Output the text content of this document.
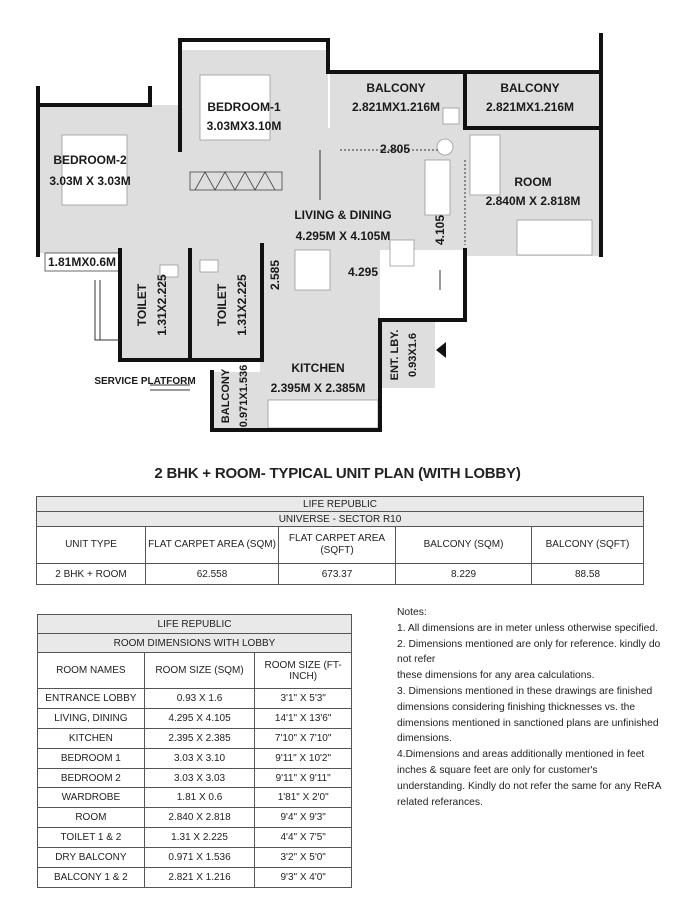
BEDROOM-1
3.03MX3.10M
BEDROOM-2
3.03M X 3.03M
BALCONY
2.821MX1.216M
BALCONY
2.821MX1.216M
ROOM
2.840M X 2.818M
LIVING & DINING
4.295M X 4.105M
2.805
4.295
1.81MX0.6M
KITCHEN
2.395M X 2.385M
SERVICE PLATFORM
4.105
2.585
TOILET 1.31X2.225	TOILET 1.31X2.225
BALCONY 0.971X1.536
ENT. LBY. 0.93X1.6
2 BHK + ROOM- TYPICAL UNIT PLAN (WITH LOBBY)
LIFE REPUBLIC				
UNIVERSE - SECTOR R10				
UNIT TYPE	FLAT CARPET AREA (SQM)	FLAT CARPET AREA (SQFT)	BALCONY (SQM)	BALCONY (SQFT)
2 BHK + ROOM	62.558	673.37	8.229	88.58
LIFE REPUBLIC		
ROOM DIMENSIONS WITH LOBBY		
ROOM NAMES	ROOM SIZE (SQM)	ROOM SIZE (FT-INCH)
ENTRANCE LOBBY	0.93 X 1.6	3'1" X 5'3"
LIVING, DINING	4.295 X 4.105	14'1" X 13'6"
KITCHEN	2.395 X 2.385	7'10" X 7'10"
BEDROOM 1	3.03 X 3.10	9'11" X 10'2"
BEDROOM 2	3.03 X 3.03	9'11" X 9'11"
WARDROBE	1.81 X 0.6	1'81" X 2'0"
ROOM	2.840 X 2.818	9'4" X 9'3"
TOILET 1 & 2	1.31 X 2.225	4'4" X 7'5"
DRY BALCONY	0.971 X 1.536	3'2" X 5'0"
BALCONY 1 & 2	2.821 X 1.216	9'3" X 4'0"

Notes:

1. All dimensions are in meter unless otherwise specified.

2. Dimensions mentioned are only for reference. kindly do not refer

these dimensions for any area calculations.

3. Dimensions mentioned in these drawings are finished dimensions considering finishing thicknesses vs. the dimensions mentioned in sanctioned plans are unfinished dimensions.

4.Dimensions and areas additionally mentioned in feet inches & square feet are only for customer's understanding. Kindly do not refer the same for any ReRA related referances.
